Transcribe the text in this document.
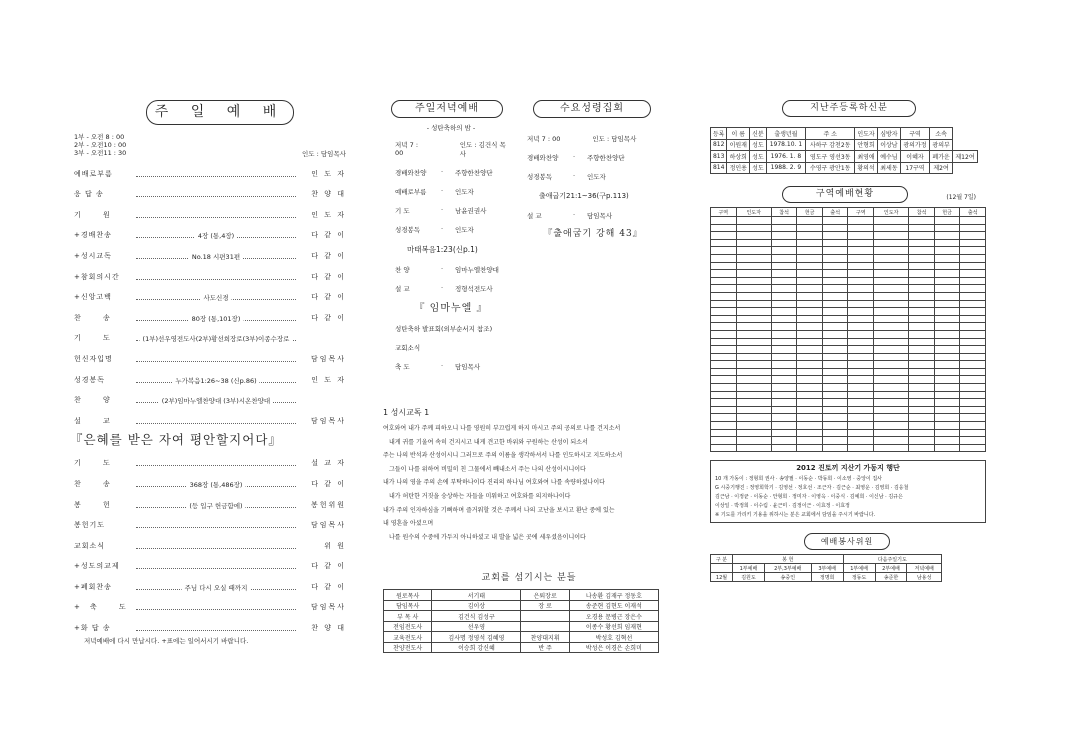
주 일 예 배
1부 - 오전 8 : 00
2부 - 오전10 : 00
3부 - 오전11 : 30	인도 : 담임목사
예배로부름	인 도 자
응 답 송	찬 양 대
기 원	인 도 자
+경배찬송	4장 (통,4장)	다 같 이
+성시교독	No.18 시편31편	다 같 이
+참회의시간	다 같 이
+신앙고백	사도신경	다 같 이
찬 송	80장 (통,101장)	다 같 이
기 도	(1부)선우영전도사(2부)황선희장로(3부)이종수장로
헌신자입명	담임목사
성경봉독	누가복음1:26~38 (신p.86)	인 도 자
찬 양	(2부)임마누엘찬양대 (3부)시온찬양대
설 교	담임목사
『은혜를 받은 자여 평안할지어다』
기 도	설 교 자
찬 송	368장 (통,486장)	다 같 이
봉 헌	(등 입구 헌금함에)	봉헌위원
봉헌기도	담임목사
교회소식	위 원
+성도의교제	다 같 이
+폐회찬송	주님 다시 오실 때까지	다 같 이
+축 도	담임목사
+화 답 송	찬 양 대
저녁예배에 다시 만납시다. +표에는 일어서시기 바랍니다.
주일저녁예배
- 성탄축하의 밤 -
저녁 7 : 00
인도 : 김건식 목사
경배와찬양	·	주향한찬양단
예배로부름	·	인도자
기 도	·	남윤권권사
성경봉독	·	인도자
마태복음1:23(신p.1)
찬 양	·	임마누엘찬양대
설 교	·	정형석전도사
『 임마누엘 』
성탄축하 발표회(외부순서지 참조)
교회소식
축 도	·	담임목사
수요성령집회
저녁 7 : 00	인도 : 담임목사
경배와찬양	·	주향한찬양단
성경봉독	·	인도자
출애굽기21:1~36(구p.113)
설 교	·	담임목사
『출애굽기 강해 43』
1 성시교독 1
여호와여 내가 주께 피하오니 나를 영원히 부끄럽게 하지 마시고 주의 공의로 나를 건지소서
내게 귀를 기울여 속히 건지시고 내게 견고한 바위와 구원하는 산성이 되소서
주는 나의 반석과 산성이시니 그러므로 주의 이름을 생각하셔서 나를 인도하시고 지도하소서
그들이 나를 위하여 비밀히 친 그물에서 빼내소서 주는 나의 산성이시니이다
내가 나의 영을 주의 손에 부탁하나이다 진리의 하나님 여호와여 나를 속량하셨나이다
내가 허탄한 거짓을 숭상하는 자들을 미워하고 여호와를 의지하나이다
내가 주의 인자하심을 기뻐하며 즐거워할 것은 주께서 나의 고난을 보시고 환난 중에 있는
내 영혼을 아셨으며
나를 원수의 수중에 가두지 아니하셨고 내 발을 넓은 곳에 세우셨음이니이다
교회를 섬기시는 분들
원로목사	서기태	은퇴장로	나송환 김재구 정동호
담임목사	김이상	장 로	송준현 김현도 이재석
부 목 사	김건식 김성구		오경용 문병근 장은수
전임전도사	선우영		이종수 황선희 임재현
교육전도사	김사명 정영석 김혜영	찬양대지휘	박성호 김혁선
찬양전도사	이승희 강신혜	반 주	박성은 이경은 손희미
지난주등록하신분
등록	이 름	신분	출생년월	주 소	인도자	심방자	구역	소속	
812	이원재	성도	1978.10. 1	사하구 감천2동	안형희	이상남	광의가정	광의부	
813	하상희	성도	1976. 1. 8	영도구 영선3동	최영애	예수님	이혜자	폐가운	제12여
814	정인용	성도	1988. 2. 9	수영구 광안1동	황의석	최세동	17구역	제2여	
구역예배현황	(12월 7일)
구역	인도자	참석	헌금	출석	구역	인도자	참석	헌금	출석

2012 진토끼 지산기 가동지 행단
10 개 가동이 : 정형희 권사 · 송양필 · 이동순 · 박동희 · 이소영 · 중앙이 집사
G 시중기행진 : 정영희학기 · 김영선 · 정호선 · 조근자 · 김근순 · 최영운 · 김영희 · 김응철
김근남 · 이정균 · 이동순 · 안형희 · 정미자 · 이영옥 · 이중식 · 김예희 · 이신남 · 김규은
이상일 · 박정희 · 이수림 · 윤근미 · 김정이근 · 이효정 · 이효정
※ 기도를 가리키 기용을 위하시는 분은 교회에서 담임을 주시기 바랍니다.
예배봉사위원
구 분	봉 헌			다음주일기도		
	1부예배	2부,3부예배	3부예배	1부예배	2부예배	저녁예배
12월	김원도	송중인	정명희	정동도	송준한	남용성
